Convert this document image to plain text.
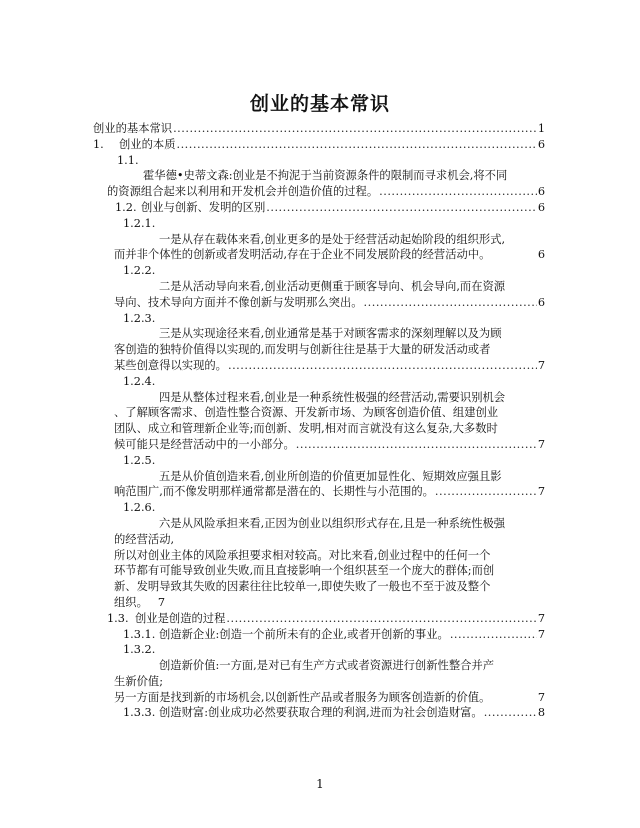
创业的基本常识
创业的基本常识 .....	1
1. 创业的本质 .....	6
1.1.
霍华德•史蒂文森:创业是不拘泥于当前资源条件的限制而寻求机会,将不同
的资源组合起来以利用和开发机会并创造价值的过程。 .....	6
1.2. 创业与创新、发明的区别 .....	6
1.2.1.
一是从存在载体来看,创业更多的是处于经营活动起始阶段的组织形式,
而并非个体性的创新或者发明活动,存在于企业不同发展阶段的经营活动中。	6
1.2.2.
二是从活动导向来看,创业活动更侧重于顾客导向、机会导向,而在资源
导向、技术导向方面并不像创新与发明那么突出。 .....	6
1.2.3.
三是从实现途径来看,创业通常是基于对顾客需求的深刻理解以及为顾
客创造的独特价值得以实现的,而发明与创新往往是基于大量的研发活动或者
某些创意得以实现的。 .....	7
1.2.4.
四是从整体过程来看,创业是一种系统性极强的经营活动,需要识别机会
、了解顾客需求、创造性整合资源、开发新市场、为顾客创造价值、组建创业
团队、成立和管理新企业等;而创新、发明,相对而言就没有这么复杂,大多数时
候可能只是经营活动中的一小部分。 .....	7
1.2.5.
五是从价值创造来看,创业所创造的价值更加显性化、短期效应强且影
响范围广,而不像发明那样通常都是潜在的、长期性与小范围的。 .....	7
1.2.6.
六是从风险承担来看,正因为创业以组织形式存在,且是一种系统性极强
的经营活动,
所以对创业主体的风险承担要求相对较高。对比来看,创业过程中的任何一个
环节都有可能导致创业失败,而且直接影响一个组织甚至一个庞大的群体;而创
新、发明导致其失败的因素往往比较单一,即使失败了一般也不至于波及整个
组织。 7
1.3. 创业是创造的过程 .....	7
1.3.1. 创造新企业:创造一个前所未有的企业,或者开创新的事业。 .....	7
1.3.2.
创造新价值:一方面,是对已有生产方式或者资源进行创新性整合并产
生新价值;
另一方面是找到新的市场机会,以创新性产品或者服务为顾客创造新的价值。	7
1.3.3. 创造财富:创业成功必然要获取合理的利润,进而为社会创造财富。 .....	8
1
